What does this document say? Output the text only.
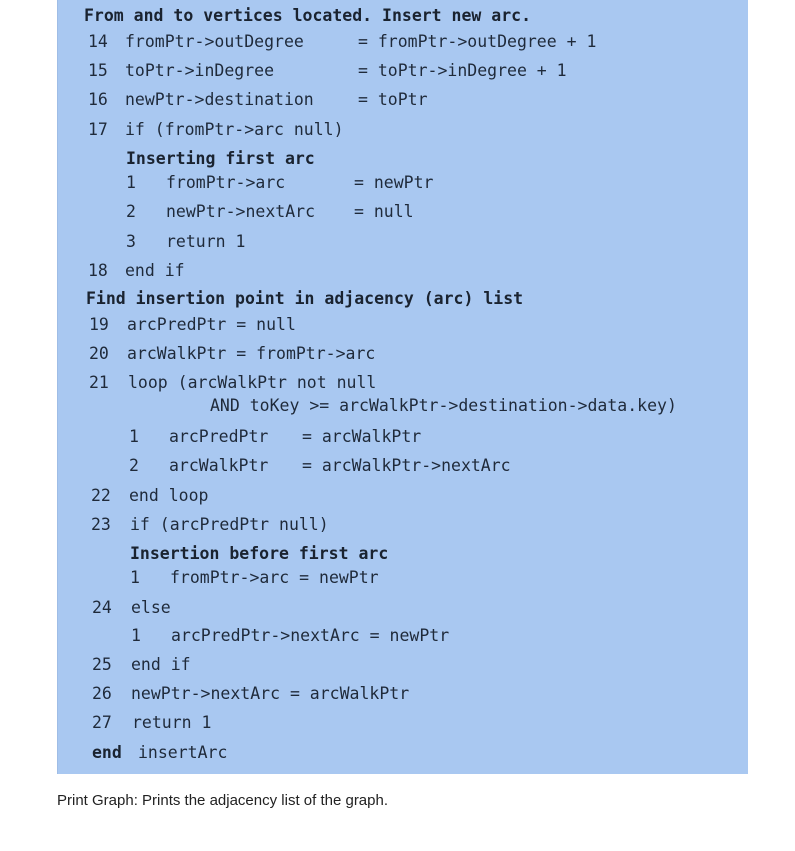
From and to vertices located. Insert new arc.

14

fromPtr->outDegree

	= fromPtr->outDegree + 1

15

toPtr->inDegree

	= toPtr->inDegree + 1

16

newPtr->destination

	= toPtr

17

if (fromPtr->arc null)

Inserting first arc

1

fromPtr->arc

	= newPtr

2

newPtr->nextArc

= null

3

return 1

18

end if

Find insertion point in adjacency (arc) list

19

arcPredPtr = null

20

arcWalkPtr = fromPtr->arc

21

loop (arcWalkPtr not null

AND toKey >= arcWalkPtr->destination->data.key)

1

arcPredPtr

= arcWalkPtr

2

arcWalkPtr

= arcWalkPtr->nextArc

22

end loop

23

if (arcPredPtr null)

Insertion before first arc

1

fromPtr->arc = newPtr

24

else

1

arcPredPtr->nextArc = newPtr

25

end if

26

newPtr->nextArc = arcWalkPtr

27

return 1

end

insertArc

Print Graph: Prints the adjacency list of the graph.
